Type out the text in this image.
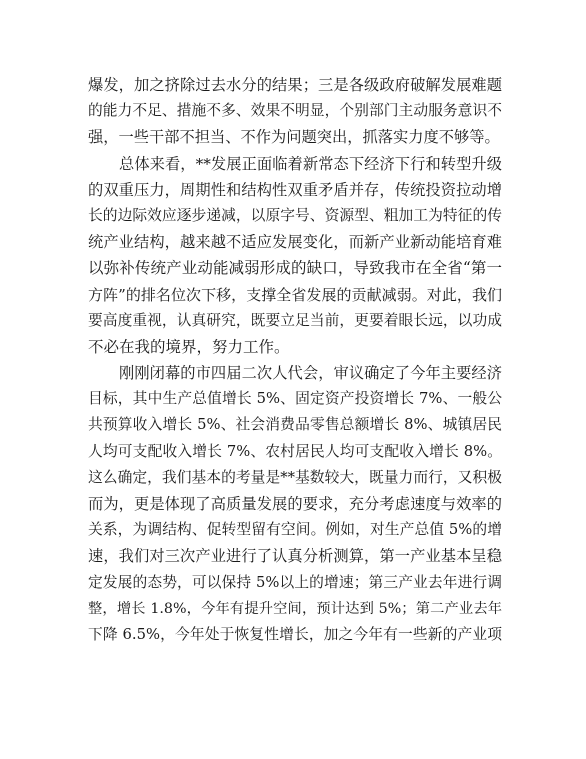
爆发，加之挤除过去水分的结果；三是各级政府破解发展难题
的能力不足、措施不多、效果不明显，个别部门主动服务意识不
强，一些干部不担当、不作为问题突出，抓落实力度不够等。
总体来看，**发展正面临着新常态下经济下行和转型升级
的双重压力，周期性和结构性双重矛盾并存，传统投资拉动增
长的边际效应逐步递减，以原字号、资源型、粗加工为特征的传
统产业结构，越来越不适应发展变化，而新产业新动能培育难
以弥补传统产业动能减弱形成的缺口，导致我市在全省“第一
方阵”的排名位次下移，支撑全省发展的贡献减弱。对此，我们
要高度重视，认真研究，既要立足当前，更要着眼长远，以功成
不必在我的境界，努力工作。
刚刚闭幕的市四届二次人代会，审议确定了今年主要经济
目标，其中生产总值增长 5%、固定资产投资增长 7%、一般公
共预算收入增长 5%、社会消费品零售总额增长 8%、城镇居民
人均可支配收入增长 7%、农村居民人均可支配收入增长 8%。
这么确定，我们基本的考量是**基数较大，既量力而行，又积极
而为，更是体现了高质量发展的要求，充分考虑速度与效率的
关系，为调结构、促转型留有空间。例如，对生产总值 5%的增
速，我们对三次产业进行了认真分析测算，第一产业基本呈稳
定发展的态势，可以保持 5%以上的增速；第三产业去年进行调
整，增长 1.8%，今年有提升空间，预计达到 5%；第二产业去年
下降 6.5%，今年处于恢复性增长，加之今年有一些新的产业项
